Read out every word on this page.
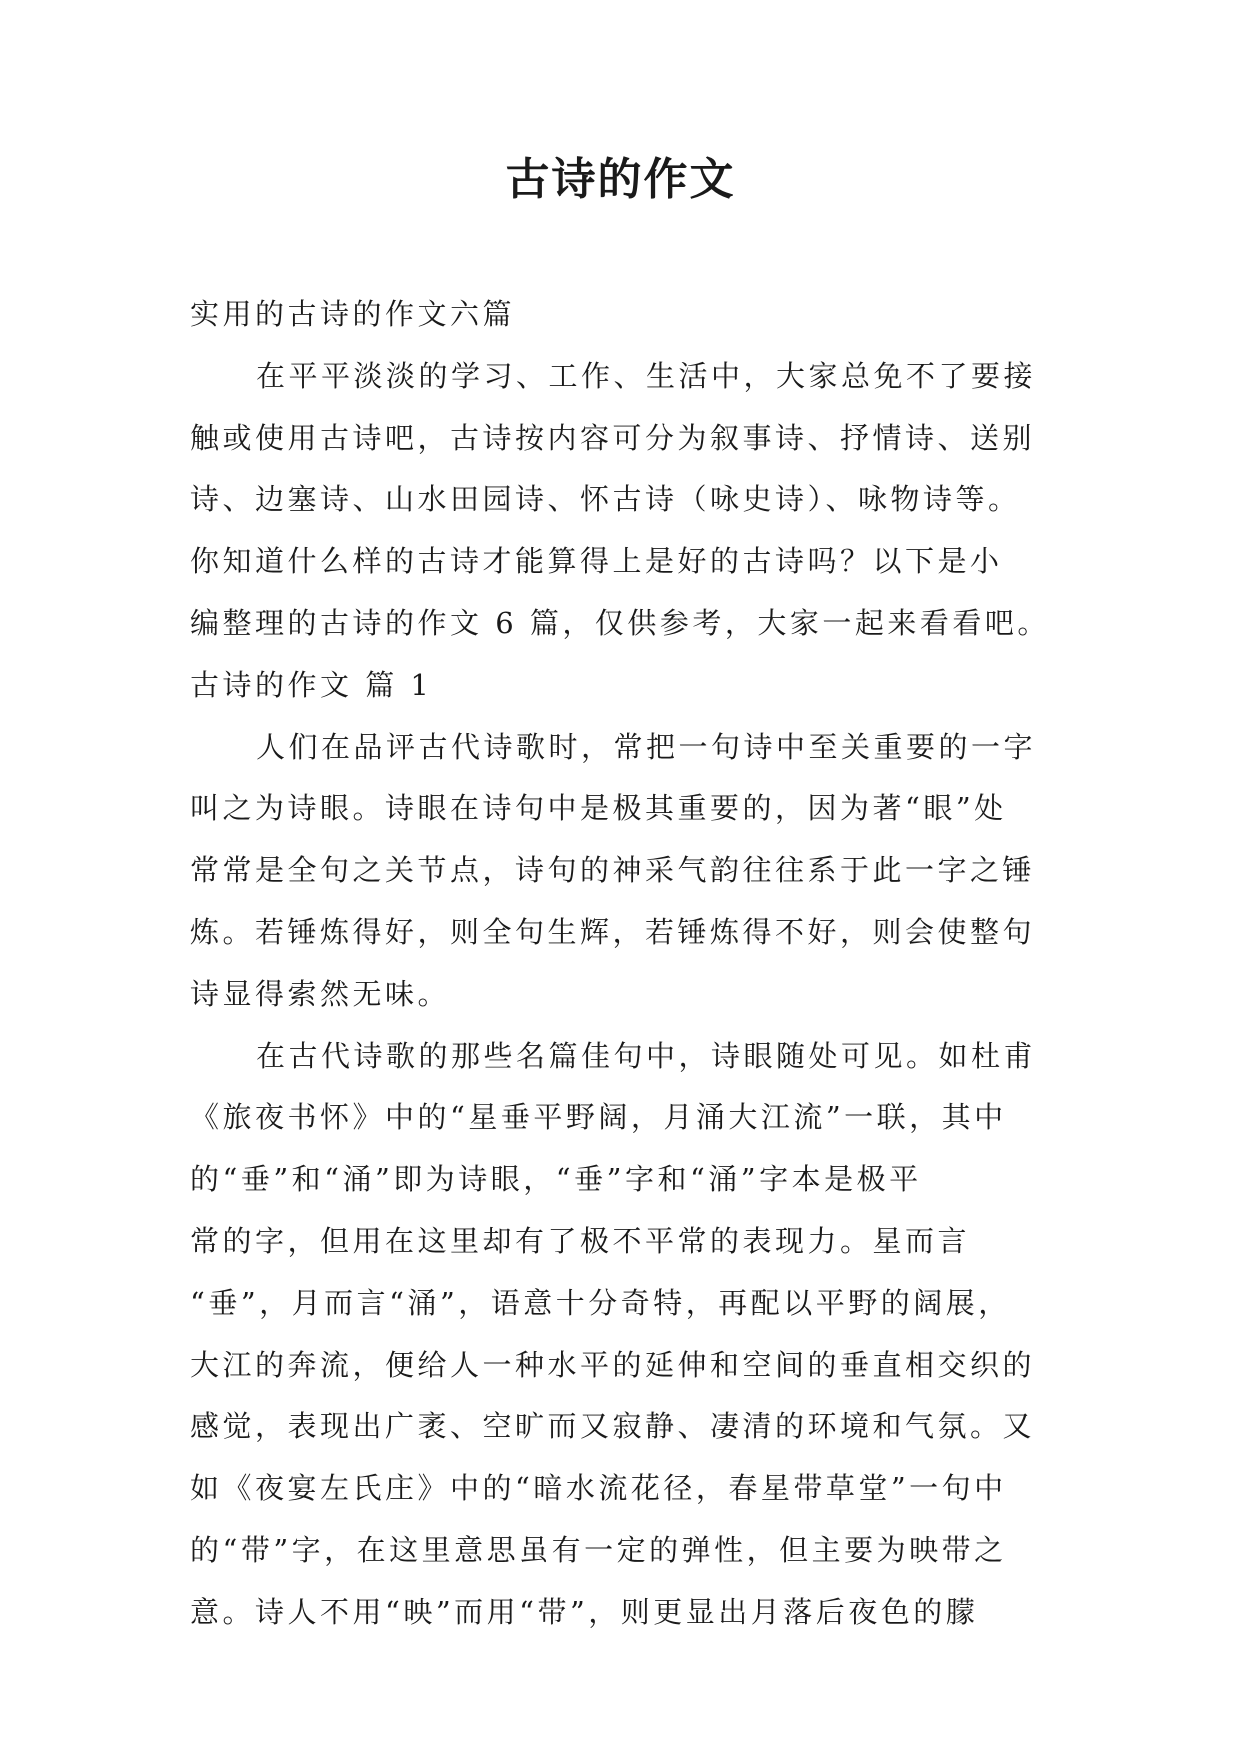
古诗的作文

实用的古诗的作文六篇

在平平淡淡的学习、工作、生活中，大家总免不了要接

触或使用古诗吧，古诗按内容可分为叙事诗、抒情诗、送别

诗、边塞诗、山水田园诗、怀古诗（咏史诗）、咏物诗等。

你知道什么样的古诗才能算得上是好的古诗吗？以下是小

编整理的古诗的作文 6 篇，仅供参考，大家一起来看看吧。

古诗的作文 篇 1

人们在品评古代诗歌时，常把一句诗中至关重要的一字

叫之为诗眼。诗眼在诗句中是极其重要的，因为著“眼”处

常常是全句之关节点，诗句的神采气韵往往系于此一字之锤

炼。若锤炼得好，则全句生辉，若锤炼得不好，则会使整句

诗显得索然无味。

在古代诗歌的那些名篇佳句中，诗眼随处可见。如杜甫

《旅夜书怀》中的“星垂平野阔，月涌大江流”一联，其中

的“垂”和“涌”即为诗眼，“垂”字和“涌”字本是极平

常的字，但用在这里却有了极不平常的表现力。星而言

“垂”，月而言“涌”，语意十分奇特，再配以平野的阔展，

大江的奔流，便给人一种水平的延伸和空间的垂直相交织的

感觉，表现出广袤、空旷而又寂静、凄清的环境和气氛。又

如《夜宴左氏庄》中的“暗水流花径，春星带草堂”一句中

的“带”字，在这里意思虽有一定的弹性，但主要为映带之

意。诗人不用“映”而用“带”，则更显出月落后夜色的朦
